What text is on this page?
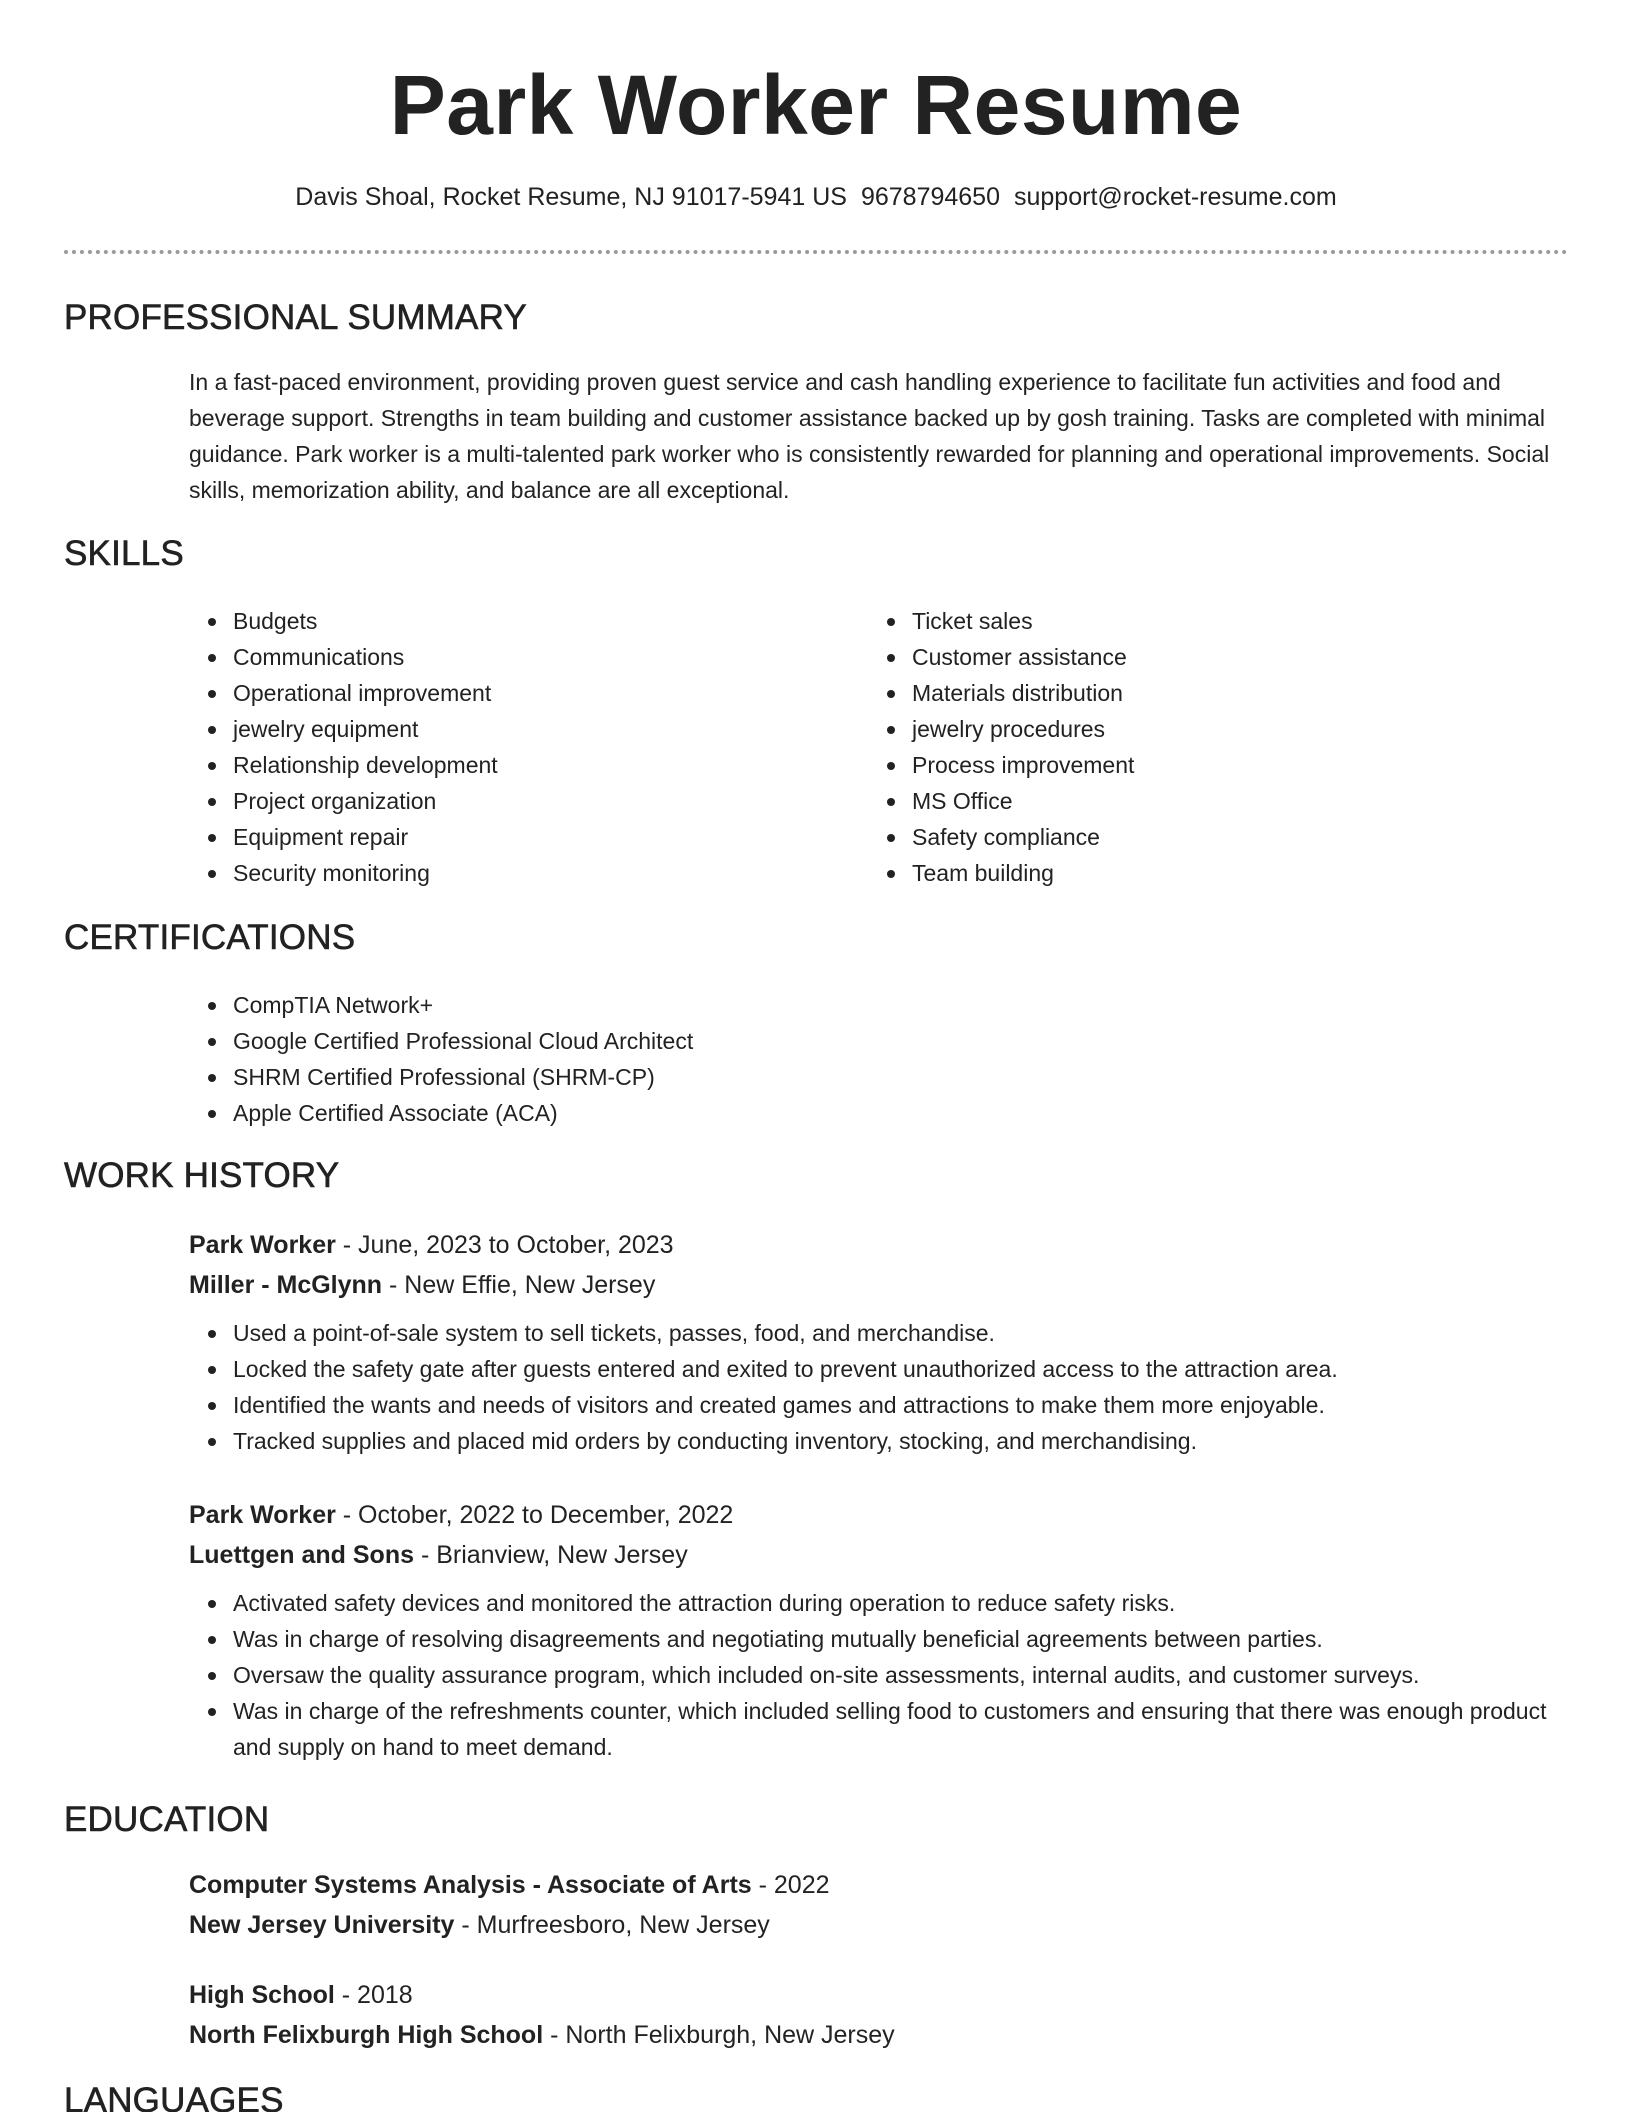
Park Worker Resume
Davis Shoal, Rocket Resume, NJ 91017-5941 US 9678794650 support@rocket-resume.com
PROFESSIONAL SUMMARY
In a fast-paced environment, providing proven guest service and cash handling experience to facilitate fun activities and food and beverage support. Strengths in team building and customer assistance backed up by gosh training. Tasks are completed with minimal guidance. Park worker is a multi-talented park worker who is consistently rewarded for planning and operational improvements. Social skills, memorization ability, and balance are all exceptional.
SKILLS
Budgets
Communications
Operational improvement
jewelry equipment
Relationship development
Project organization
Equipment repair
Security monitoring
Ticket sales
Customer assistance
Materials distribution
jewelry procedures
Process improvement
MS Office
Safety compliance
Team building
CERTIFICATIONS
CompTIA Network+
Google Certified Professional Cloud Architect
SHRM Certified Professional (SHRM-CP)
Apple Certified Associate (ACA)
WORK HISTORY
Park Worker - June, 2023 to October, 2023
Miller - McGlynn - New Effie, New Jersey
Used a point-of-sale system to sell tickets, passes, food, and merchandise.
Locked the safety gate after guests entered and exited to prevent unauthorized access to the attraction area.
Identified the wants and needs of visitors and created games and attractions to make them more enjoyable.
Tracked supplies and placed mid orders by conducting inventory, stocking, and merchandising.
Park Worker - October, 2022 to December, 2022
Luettgen and Sons - Brianview, New Jersey
Activated safety devices and monitored the attraction during operation to reduce safety risks.
Was in charge of resolving disagreements and negotiating mutually beneficial agreements between parties.
Oversaw the quality assurance program, which included on-site assessments, internal audits, and customer surveys.
Was in charge of the refreshments counter, which included selling food to customers and ensuring that there was enough product and supply on hand to meet demand.
EDUCATION
Computer Systems Analysis - Associate of Arts - 2022
New Jersey University - Murfreesboro, New Jersey
High School - 2018
North Felixburgh High School - North Felixburgh, New Jersey
LANGUAGES
